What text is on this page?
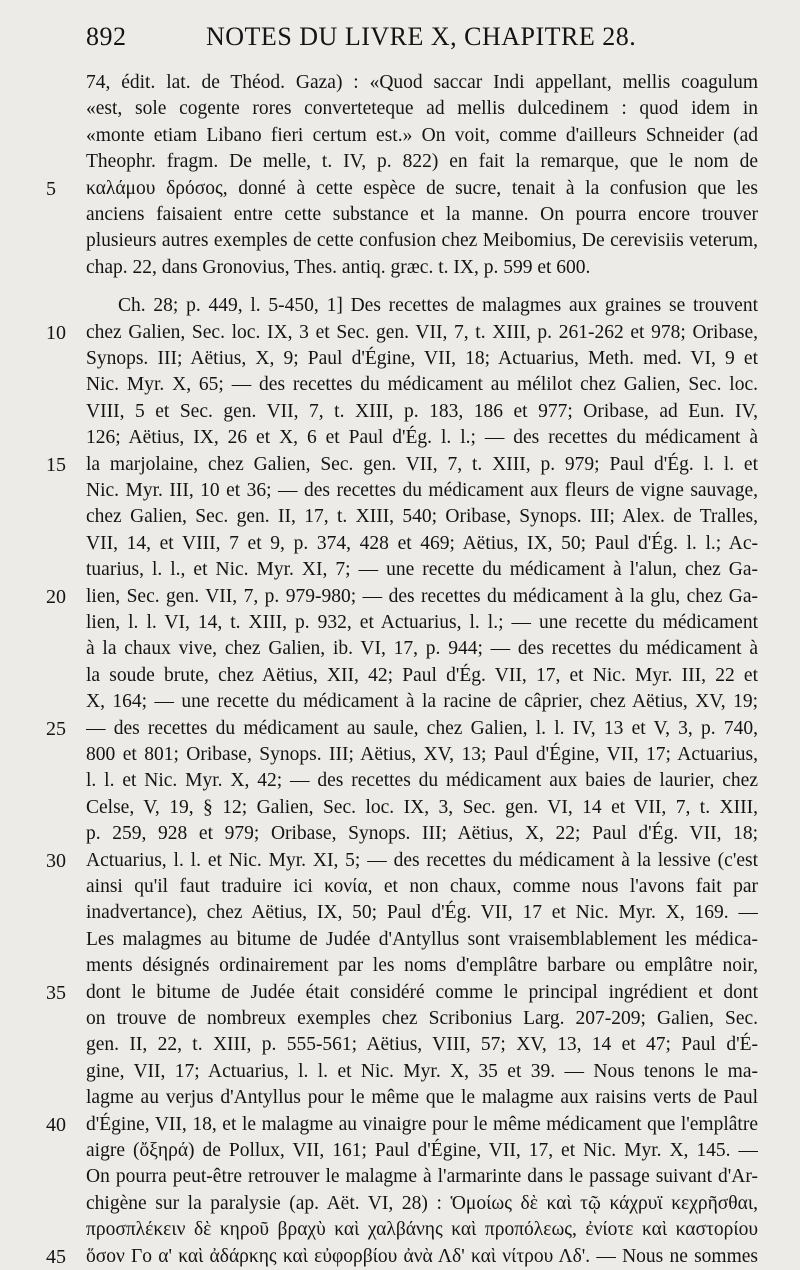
892	NOTES DU LIVRE X, CHAPITRE 28.
5
10
15
20
25
30
35
40
45
74, édit. lat. de Théod. Gaza) : «Quod saccar Indi appellant, mellis coagulum
«est, sole cogente rores converteteque ad mellis dulcedinem : quod idem in
«monte etiam Libano fieri certum est.» On voit, comme d'ailleurs Schneider (ad
Theophr. fragm. De melle, t. IV, p. 822) en fait la remarque, que le nom de
καλάμου δρόσος, donné à cette espèce de sucre, tenait à la confusion que les
anciens faisaient entre cette substance et la manne. On pourra encore trouver
plusieurs autres exemples de cette confusion chez Meibomius, De cerevisiis veterum,
chap. 22, dans Gronovius, Thes. antiq. græc. t. IX, p. 599 et 600.
Ch. 28; p. 449, l. 5-450, 1] Des recettes de malagmes aux graines se trouvent
chez Galien, Sec. loc. IX, 3 et Sec. gen. VII, 7, t. XIII, p. 261-262 et 978; Oribase,
Synops. III; Aëtius, X, 9; Paul d'Égine, VII, 18; Actuarius, Meth. med. VI, 9 et
Nic. Myr. X, 65; — des recettes du médicament au mélilot chez Galien, Sec. loc.
VIII, 5 et Sec. gen. VII, 7, t. XIII, p. 183, 186 et 977; Oribase, ad Eun. IV,
126; Aëtius, IX, 26 et X, 6 et Paul d'Ég. l. l.; — des recettes du médicament à
la marjolaine, chez Galien, Sec. gen. VII, 7, t. XIII, p. 979; Paul d'Ég. l. l. et
Nic. Myr. III, 10 et 36; — des recettes du médicament aux fleurs de vigne sauvage,
chez Galien, Sec. gen. II, 17, t. XIII, 540; Oribase, Synops. III; Alex. de Tralles,
VII, 14, et VIII, 7 et 9, p. 374, 428 et 469; Aëtius, IX, 50; Paul d'Ég. l. l.; Ac-
tuarius, l. l., et Nic. Myr. XI, 7; — une recette du médicament à l'alun, chez Ga-
lien, Sec. gen. VII, 7, p. 979-980; — des recettes du médicament à la glu, chez Ga-
lien, l. l. VI, 14, t. XIII, p. 932, et Actuarius, l. l.; — une recette du médicament
à la chaux vive, chez Galien, ib. VI, 17, p. 944; — des recettes du médicament à
la soude brute, chez Aëtius, XII, 42; Paul d'Ég. VII, 17, et Nic. Myr. III, 22 et
X, 164; — une recette du médicament à la racine de câprier, chez Aëtius, XV, 19;
— des recettes du médicament au saule, chez Galien, l. l. IV, 13 et V, 3, p. 740,
800 et 801; Oribase, Synops. III; Aëtius, XV, 13; Paul d'Égine, VII, 17; Actuarius,
l. l. et Nic. Myr. X, 42; — des recettes du médicament aux baies de laurier, chez
Celse, V, 19, § 12; Galien, Sec. loc. IX, 3, Sec. gen. VI, 14 et VII, 7, t. XIII,
p. 259, 928 et 979; Oribase, Synops. III; Aëtius, X, 22; Paul d'Ég. VII, 18;
Actuarius, l. l. et Nic. Myr. XI, 5; — des recettes du médicament à la lessive (c'est
ainsi qu'il faut traduire ici κονία, et non chaux, comme nous l'avons fait par
inadvertance), chez Aëtius, IX, 50; Paul d'Ég. VII, 17 et Nic. Myr. X, 169. —
Les malagmes au bitume de Judée d'Antyllus sont vraisemblablement les médica-
ments désignés ordinairement par les noms d'emplâtre barbare ou emplâtre noir,
dont le bitume de Judée était considéré comme le principal ingrédient et dont
on trouve de nombreux exemples chez Scribonius Larg. 207-209; Galien, Sec.
gen. II, 22, t. XIII, p. 555-561; Aëtius, VIII, 57; XV, 13, 14 et 47; Paul d'É-
gine, VII, 17; Actuarius, l. l. et Nic. Myr. X, 35 et 39. — Nous tenons le ma-
lagme au verjus d'Antyllus pour le même que le malagme aux raisins verts de Paul
d'Égine, VII, 18, et le malagme au vinaigre pour le même médicament que l'emplâtre
aigre (ὄξηρά) de Pollux, VII, 161; Paul d'Égine, VII, 17, et Nic. Myr. X, 145. —
On pourra peut-être retrouver le malagme à l'armarinte dans le passage suivant d'Ar-
chigène sur la paralysie (ap. Aët. VI, 28) : Ὁμοίως δὲ καὶ τῷ κάχρυϊ κεχρῆσθαι,
προσπλέκειν δὲ κηροῦ βραχὺ καὶ χαλβάνης καὶ προπόλεως, ἐνίοτε καὶ καστορίου
ὅσον Γο α' καὶ ἀδάρκης καὶ εὐφορβίου ἀνὰ Λδ' καὶ νίτρου Λδ'. — Nous ne sommes
